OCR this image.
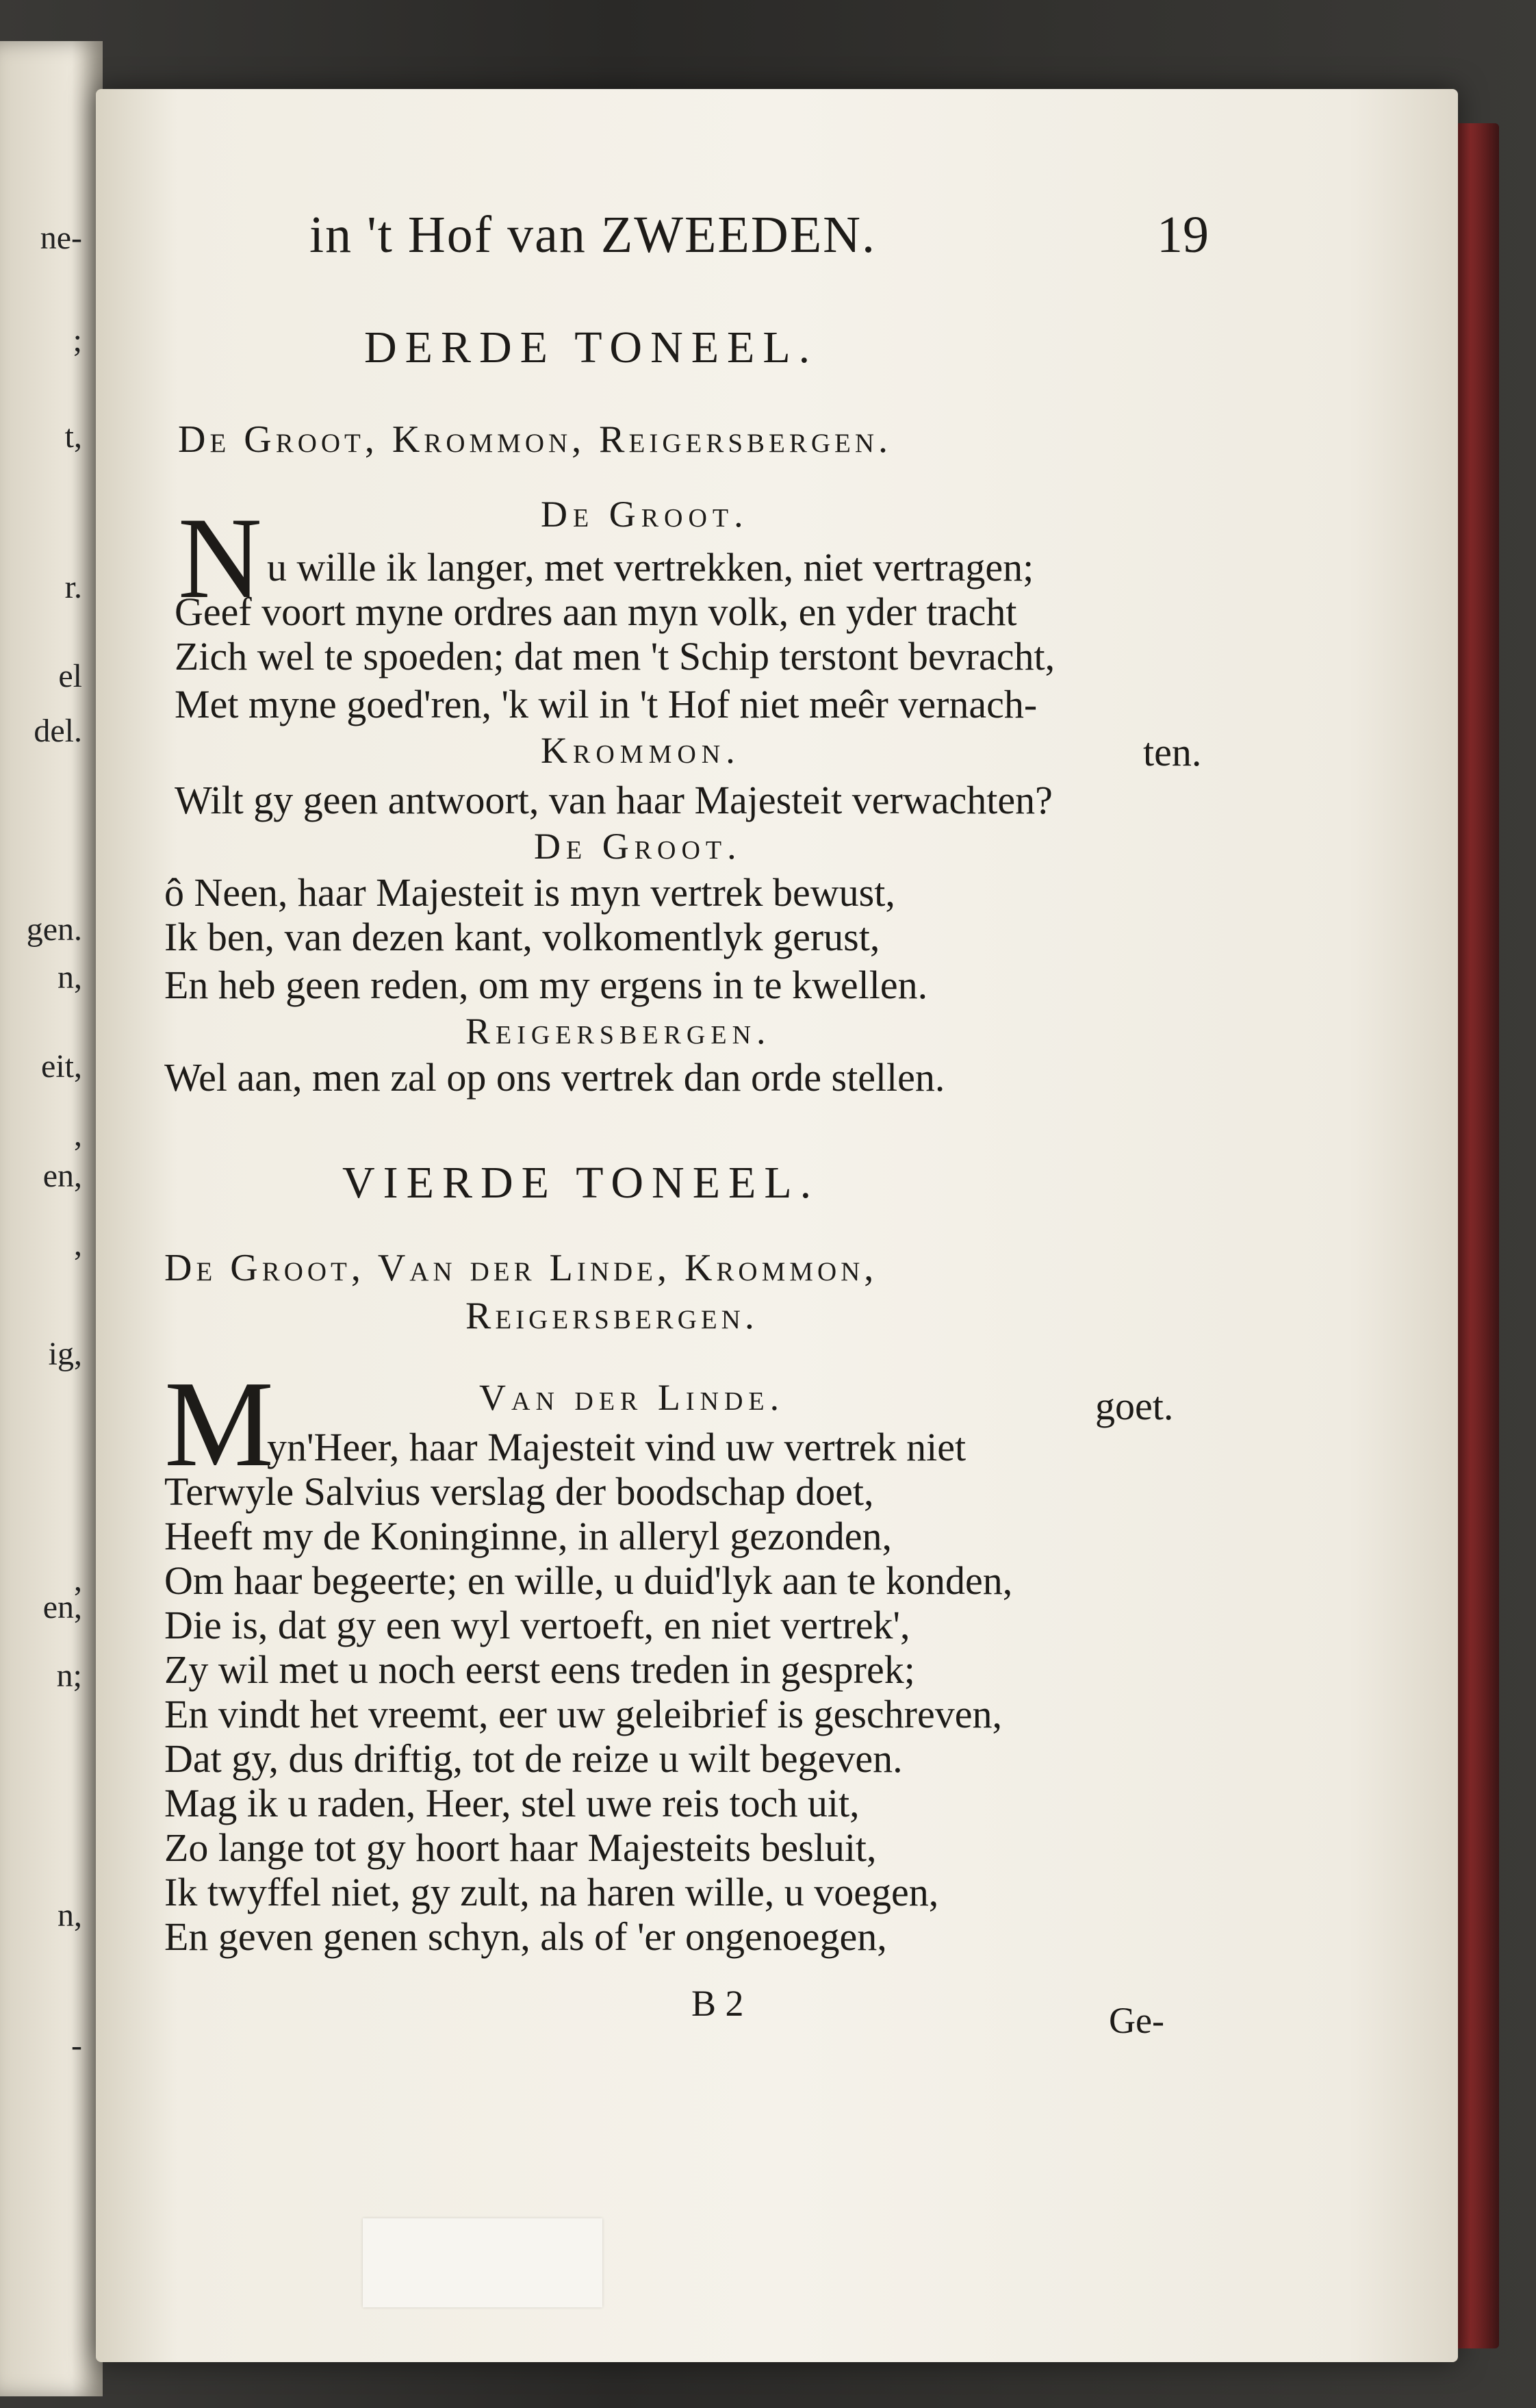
ne-
;
t,
r.
el
del.
gen.
n,
eit,
,
en,
,
ig,
,
en,
n;
n,
-
in 't Hof van ZWEEDEN.	19
DERDE TONEEL.
De Groot, Krommon, Reigersbergen.
De Groot.
N u wille ik langer, met vertrekken, niet vertragen;
Geef voort myne ordres aan myn volk, en yder tracht
Zich wel te spoeden; dat men 't Schip terstont bevracht,
Met myne goed'ren, 'k wil in 't Hof niet meêr vernach-
Krommon.	ten.
Wilt gy geen antwoort, van haar Majesteit verwachten?
De Groot.
ô Neen, haar Majesteit is myn vertrek bewust,
Ik ben, van dezen kant, volkomentlyk gerust,
En heb geen reden, om my ergens in te kwellen.
Reigersbergen.
Wel aan, men zal op ons vertrek dan orde stellen.
VIERDE TONEEL.
De Groot, Van der Linde, Krommon,
Reigersbergen.
Van der Linde.	goet.
M
yn'Heer, haar Majesteit vind uw vertrek niet
Terwyle Salvius verslag der boodschap doet,
Heeft my de Koninginne, in alleryl gezonden,
Om haar begeerte; en wille, u duid'lyk aan te konden,
Die is, dat gy een wyl vertoeft, en niet vertrek',
Zy wil met u noch eerst eens treden in gesprek;
En vindt het vreemt, eer uw geleibrief is geschreven,
Dat gy, dus driftig, tot de reize u wilt begeven.
Mag ik u raden, Heer, stel uwe reis toch uit,
Zo lange tot gy hoort haar Majesteits besluit,
Ik twyffel niet, gy zult, na haren wille, u voegen,
En geven genen schyn, als of 'er ongenoegen,
B 2	Ge-
